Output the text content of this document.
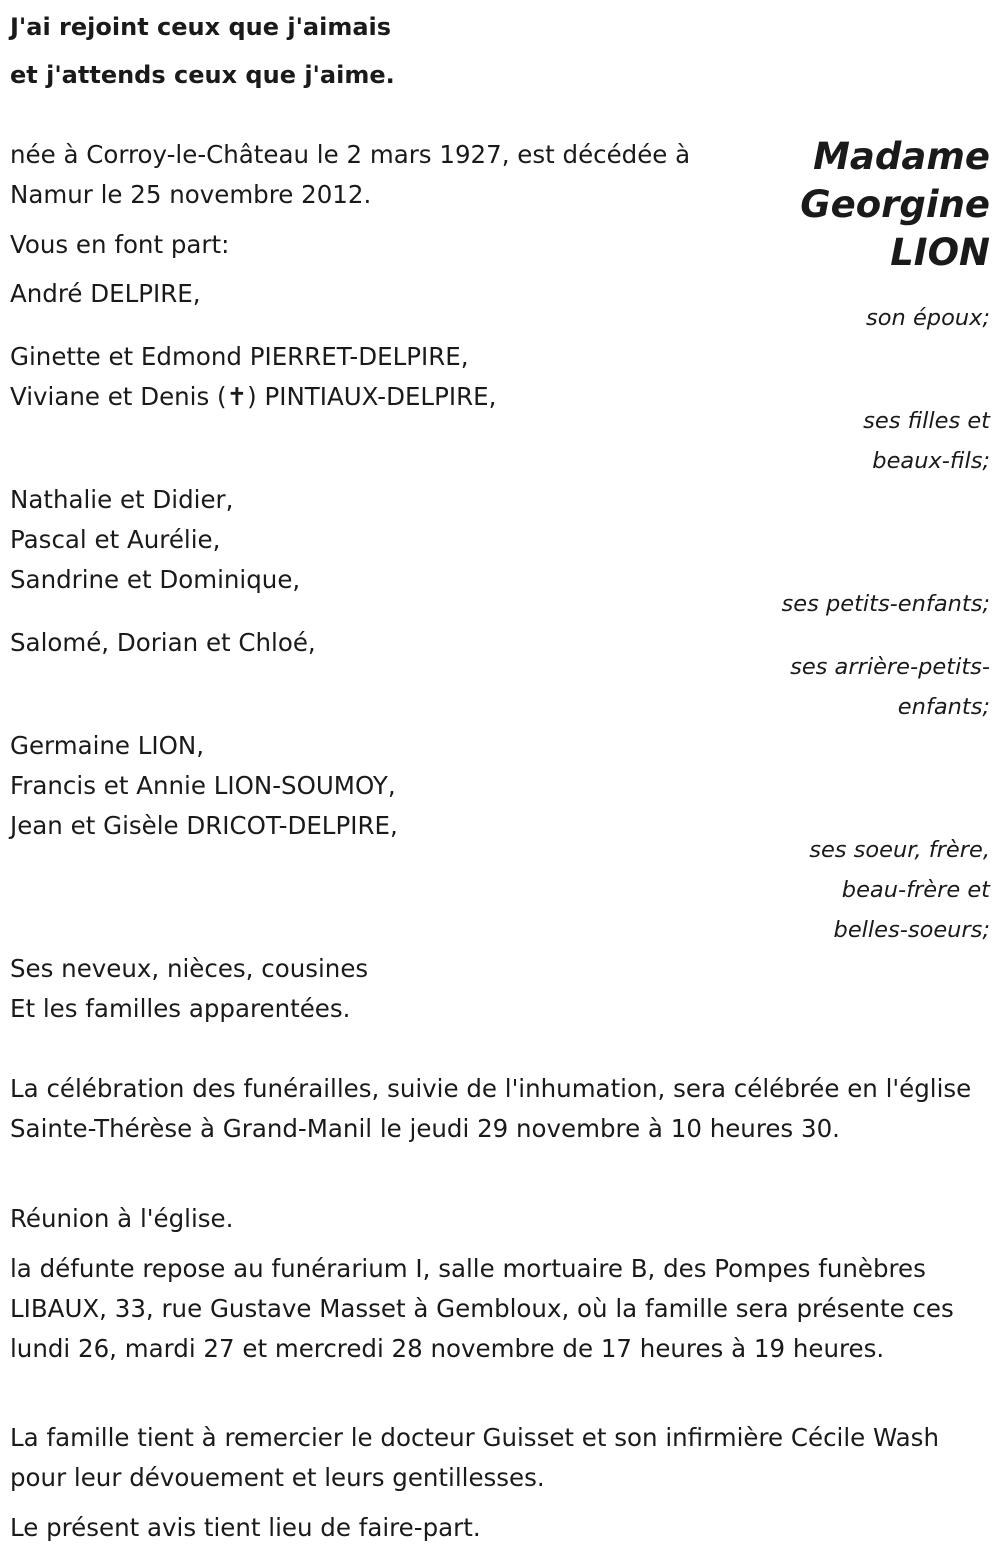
J'ai rejoint ceux que j'aimais
et j'attends ceux que j'aime.
Madame
Georgine
LION
née à Corroy-le-Château le 2 mars 1927, est décédée à
Namur le 25 novembre 2012.
Vous en font part:
André DELPIRE,
Ginette et Edmond PIERRET-DELPIRE,
Viviane et Denis (✝) PINTIAUX-DELPIRE,
Nathalie et Didier,
Pascal et Aurélie,
Sandrine et Dominique,
Salomé, Dorian et Chloé,
Germaine LION,
Francis et Annie LION-SOUMOY,
Jean et Gisèle DRICOT-DELPIRE,
Ses neveux, nièces, cousines
Et les familles apparentées.
son époux;
ses filles et
beaux-fils;
ses petits-enfants;
ses arrière-petits-
enfants;
ses soeur, frère,
beau-frère et
belles-soeurs;
La célébration des funérailles, suivie de l'inhumation, sera célébrée en l'église Sainte-Thérèse à Grand-Manil le jeudi 29 novembre à 10 heures 30.
Réunion à l'église.
la défunte repose au funérarium I, salle mortuaire B, des Pompes funèbres LIBAUX, 33, rue Gustave Masset à Gembloux, où la famille sera présente ces lundi 26, mardi 27 et mercredi 28 novembre de 17 heures à 19 heures.
La famille tient à remercier le docteur Guisset et son infirmière Cécile Wash pour leur dévouement et leurs gentillesses.
Le présent avis tient lieu de faire-part.
